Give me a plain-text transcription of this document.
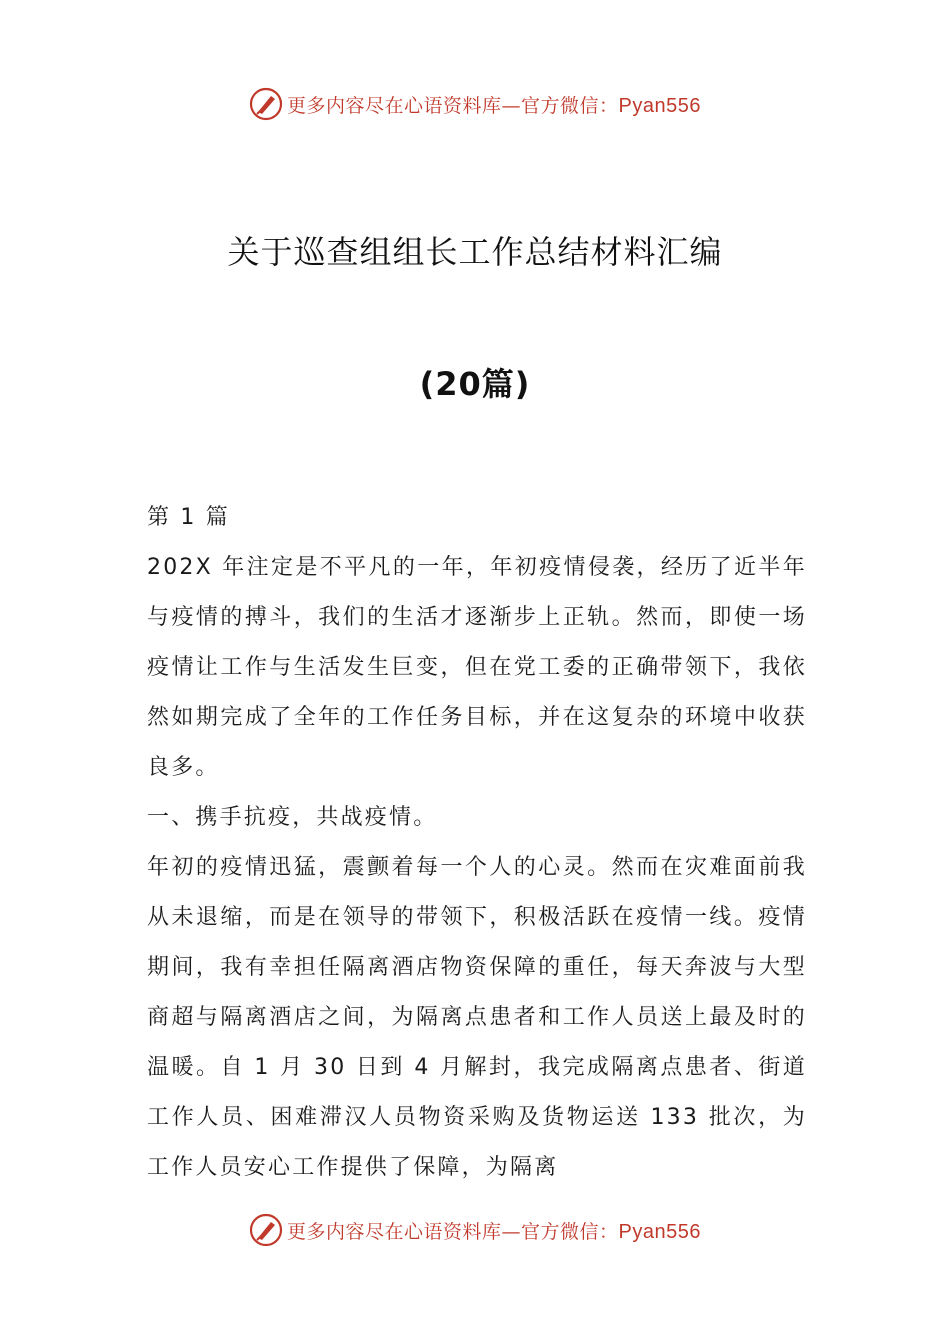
更多内容尽在心语资料库—官方微信：Pyan556
关于巡查组组长工作总结材料汇编
(20篇)

第 1 篇

202X 年注定是不平凡的一年，年初疫情侵袭，经历了近半年与疫情的搏斗，我们的生活才逐渐步上正轨。然而，即使一场疫情让工作与生活发生巨变，但在党工委的正确带领下，我依然如期完成了全年的工作任务目标，并在这复杂的环境中收获良多。

一、携手抗疫，共战疫情。

年初的疫情迅猛，震颤着每一个人的心灵。然而在灾难面前我从未退缩，而是在领导的带领下，积极活跃在疫情一线。疫情期间，我有幸担任隔离酒店物资保障的重任，每天奔波与大型商超与隔离酒店之间，为隔离点患者和工作人员送上最及时的温暖。自 1 月 30 日到 4 月解封，我完成隔离点患者、街道工作人员、困难滞汉人员物资采购及货物运送 133 批次，为工作人员安心工作提供了保障，为隔离

更多内容尽在心语资料库—官方微信：Pyan556
